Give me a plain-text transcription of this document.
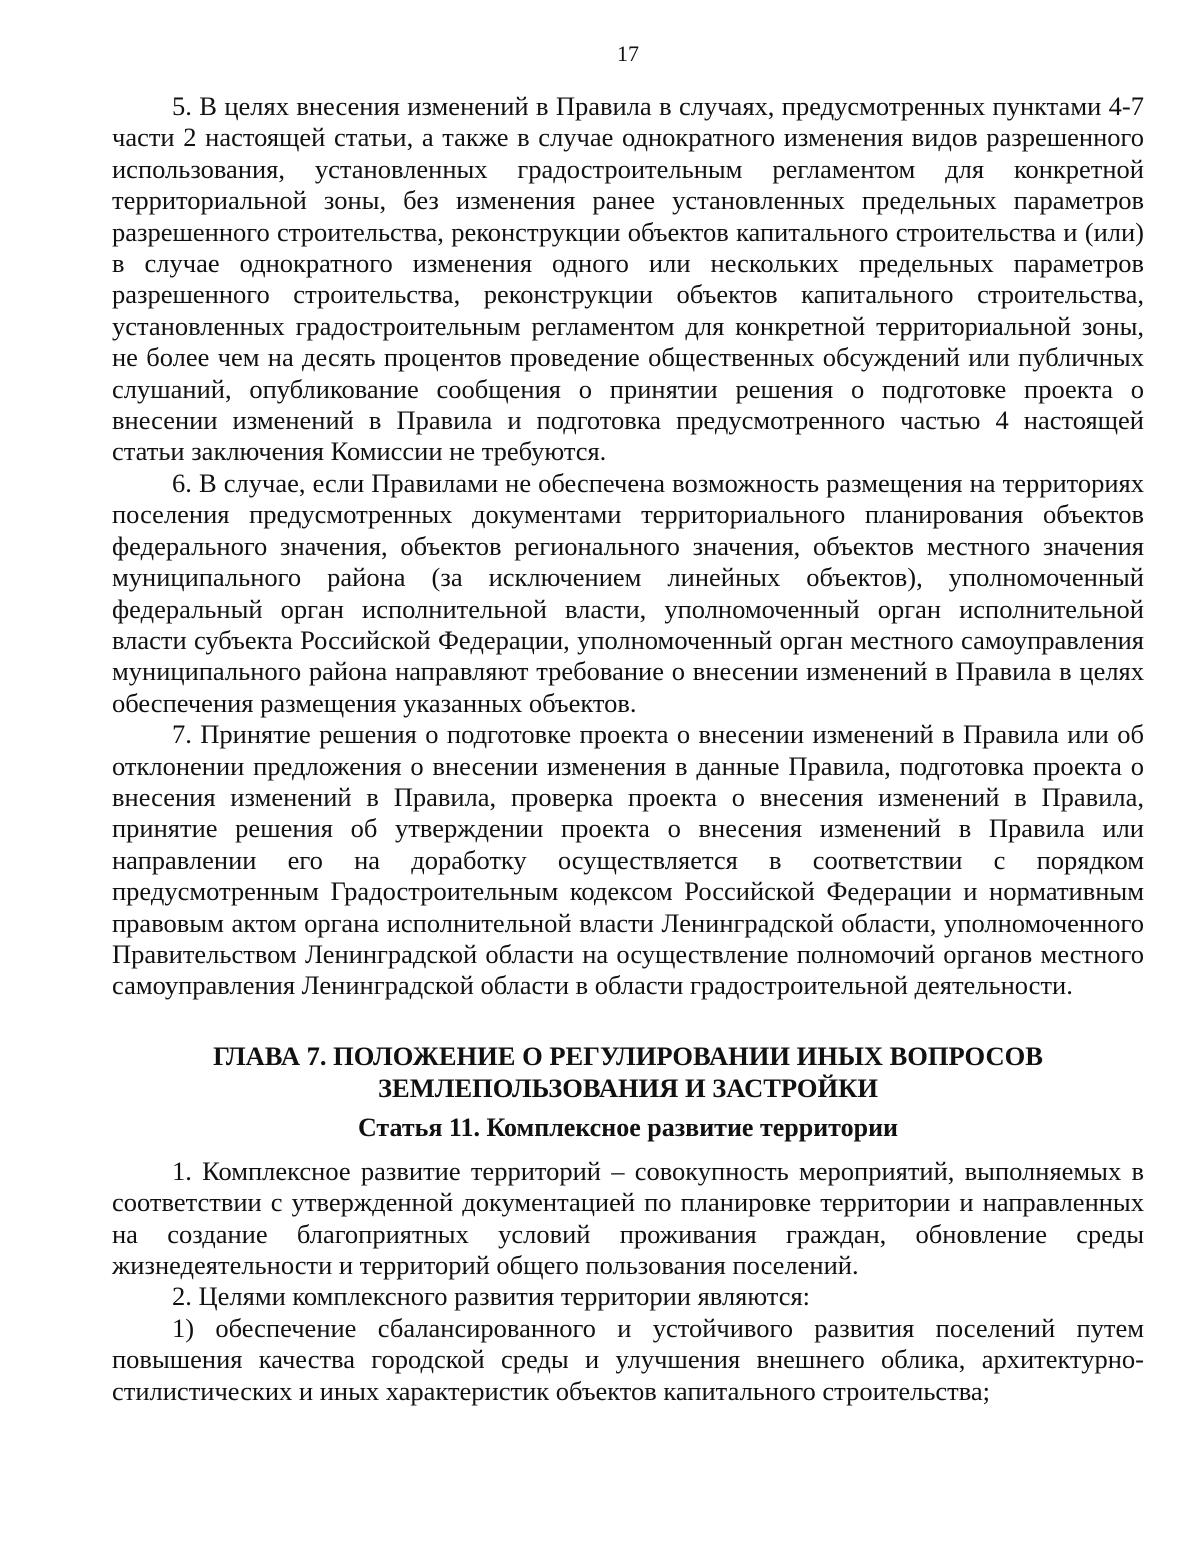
17

5. В целях внесения изменений в Правила в случаях, предусмотренных пунктами 4-7 части 2 настоящей статьи, а также в случае однократного изменения видов разрешенного использования, установленных градостроительным регламентом для конкретной территориальной зоны, без изменения ранее установленных предельных параметров разрешенного строительства, реконструкции объектов капитального строительства и (или) в случае однократного изменения одного или нескольких предельных параметров разрешенного строительства, реконструкции объектов капитального строительства, установленных градостроительным регламентом для конкретной территориальной зоны, не более чем на десять процентов проведение общественных обсуждений или публичных слушаний, опубликование сообщения о принятии решения о подготовке проекта о внесении изменений в Правила и подготовка предусмотренного частью 4 настоящей статьи заключения Комиссии не требуются.

6. В случае, если Правилами не обеспечена возможность размещения на территориях поселения предусмотренных документами территориального планирования объектов федерального значения, объектов регионального значения, объектов местного значения муниципального района (за исключением линейных объектов), уполномоченный федеральный орган исполнительной власти, уполномоченный орган исполнительной власти субъекта Российской Федерации, уполномоченный орган местного самоуправления муниципального района направляют требование о внесении изменений в Правила в целях обеспечения размещения указанных объектов.

7. Принятие решения о подготовке проекта о внесении изменений в Правила или об отклонении предложения о внесении изменения в данные Правила, подготовка проекта о внесения изменений в Правила, проверка проекта о внесения изменений в Правила, принятие решения об утверждении проекта о внесения изменений в Правила или направлении его на доработку осуществляется в соответствии с порядком предусмотренным Градостроительным кодексом Российской Федерации и нормативным правовым актом органа исполнительной власти Ленинградской области, уполномоченного Правительством Ленинградской области на осуществление полномочий органов местного самоуправления Ленинградской области в области градостроительной деятельности.

ГЛАВА 7. ПОЛОЖЕНИЕ О РЕГУЛИРОВАНИИ ИНЫХ ВОПРОСОВ
ЗЕМЛЕПОЛЬЗОВАНИЯ И ЗАСТРОЙКИ
Статья 11. Комплексное развитие территории

1. Комплексное развитие территорий – совокупность мероприятий, выполняемых в соответствии с утвержденной документацией по планировке территории и направленных на создание благоприятных условий проживания граждан, обновление среды жизнедеятельности и территорий общего пользования поселений.

2. Целями комплексного развития территории являются:

1) обеспечение сбалансированного и устойчивого развития поселений путем повышения качества городской среды и улучшения внешнего облика, архитектурно-стилистических и иных характеристик объектов капитального строительства;
